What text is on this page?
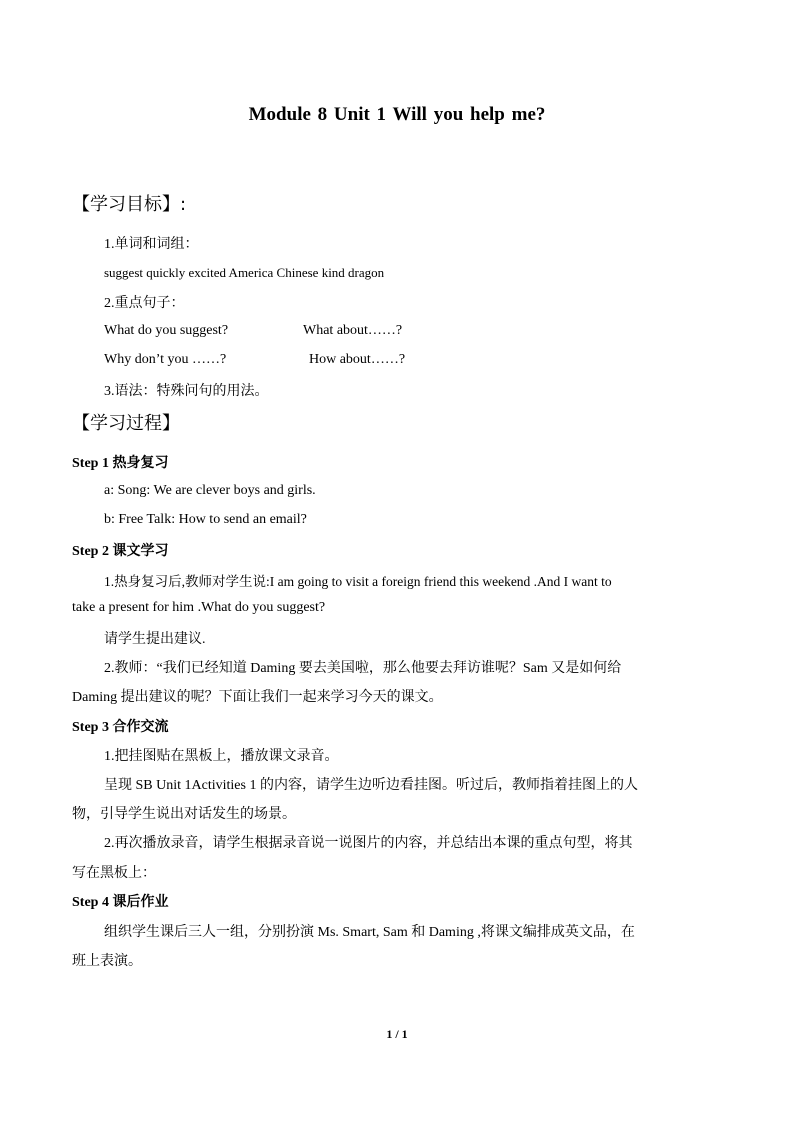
Module 8 Unit 1 Will you help me?
【学习目标】:
1.单词和词组：
suggest quickly excited America Chinese kind dragon
2.重点句子：
What do you suggest?	What about……?
Why don’t you ……?	How about……?
3.语法：特殊问句的用法。
【学习过程】
Step 1 热身复习
a: Song: We are clever boys and girls.
b: Free Talk: How to send an email?
Step 2 课文学习
1.热身复习后,教师对学生说:I am going to visit a foreign friend this weekend .And I want to
take a present for him .What do you suggest?
请学生提出建议.
2.教师：“我们已经知道 Daming 要去美国啦，那么他要去拜访谁呢？Sam 又是如何给
Daming 提出建议的呢？下面让我们一起来学习今天的课文。
Step 3 合作交流
1.把挂图贴在黑板上，播放课文录音。
呈现 SB Unit 1Activities 1 的内容，请学生边听边看挂图。听过后，教师指着挂图上的人
物，引导学生说出对话发生的场景。
2.再次播放录音，请学生根据录音说一说图片的内容，并总结出本课的重点句型，将其
写在黑板上：
Step 4 课后作业
组织学生课后三人一组，分别扮演 Ms. Smart, Sam 和 Daming ,将课文编排成英文品，在
班上表演。
1 / 1
